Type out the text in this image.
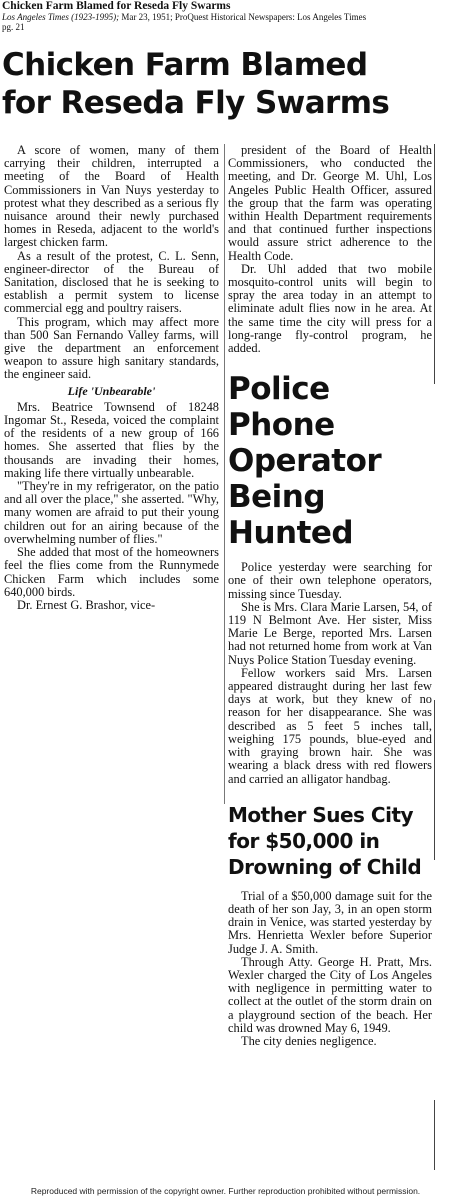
Chicken Farm Blamed for Reseda Fly Swarms
Los Angeles Times (1923-1995); Mar 23, 1951; ProQuest Historical Newspapers: Los Angeles Times
pg. 21
Chicken Farm Blamed
for Reseda Fly Swarms

A score of women, many of them carrying their children, interrupted a meeting of the Board of Health Commissioners in Van Nuys yesterday to protest what they described as a serious fly nuisance around their newly purchased homes in Reseda, adjacent to the world's largest chicken farm.

As a result of the protest, C. L. Senn, engineer-director of the Bureau of Sanitation, disclosed that he is seeking to establish a permit system to license commercial egg and poultry raisers.

This program, which may affect more than 500 San Fernando Valley farms, will give the department an enforcement weapon to assure high sanitary standards, the engineer said.

Life 'Unbearable'

Mrs. Beatrice Townsend of 18248 Ingomar St., Reseda, voiced the complaint of the residents of a new group of 166 homes. She asserted that flies by the thousands are invading their homes, making life there virtually unbearable.

"They're in my refrigerator, on the patio and all over the place," she asserted. "Why, many women are afraid to put their young children out for an airing because of the overwhelming number of flies."

She added that most of the homeowners feel the flies come from the Runnymede Chicken Farm which includes some 640,000 birds.

Dr. Ernest G. Brashor, vice-

president of the Board of Health Commissioners, who conducted the meeting, and Dr. George M. Uhl, Los Angeles Public Health Officer, assured the group that the farm was operating within Health Department requirements and that continued further inspections would assure strict adherence to the Health Code.

Dr. Uhl added that two mobile mosquito-control units will begin to spray the area today in an attempt to eliminate adult flies now in he area. At the same time the city will press for a long-range fly-control program, he added.

Police Phone Operator Being Hunted

Police yesterday were searching for one of their own telephone operators, missing since Tuesday.

She is Mrs. Clara Marie Larsen, 54, of 119 N Belmont Ave. Her sister, Miss Marie Le Berge, reported Mrs. Larsen had not returned home from work at Van Nuys Police Station Tuesday evening.

Fellow workers said Mrs. Larsen appeared distraught during her last few days at work, but they knew of no reason for her disappearance. She was described as 5 feet 5 inches tall, weighing 175 pounds, blue-eyed and with graying brown hair. She was wearing a black dress with red flowers and carried an alligator handbag.

Mother Sues City for $50,000 in Drowning of Child

Trial of a $50,000 damage suit for the death of her son Jay, 3, in an open storm drain in Venice, was started yesterday by Mrs. Henrietta Wexler before Superior Judge J. A. Smith.

Through Atty. George H. Pratt, Mrs. Wexler charged the City of Los Angeles with negligence in permitting water to collect at the outlet of the storm drain on a playground section of the beach. Her child was drowned May 6, 1949.

The city denies negligence.

Reproduced with permission of the copyright owner. Further reproduction prohibited without permission.
